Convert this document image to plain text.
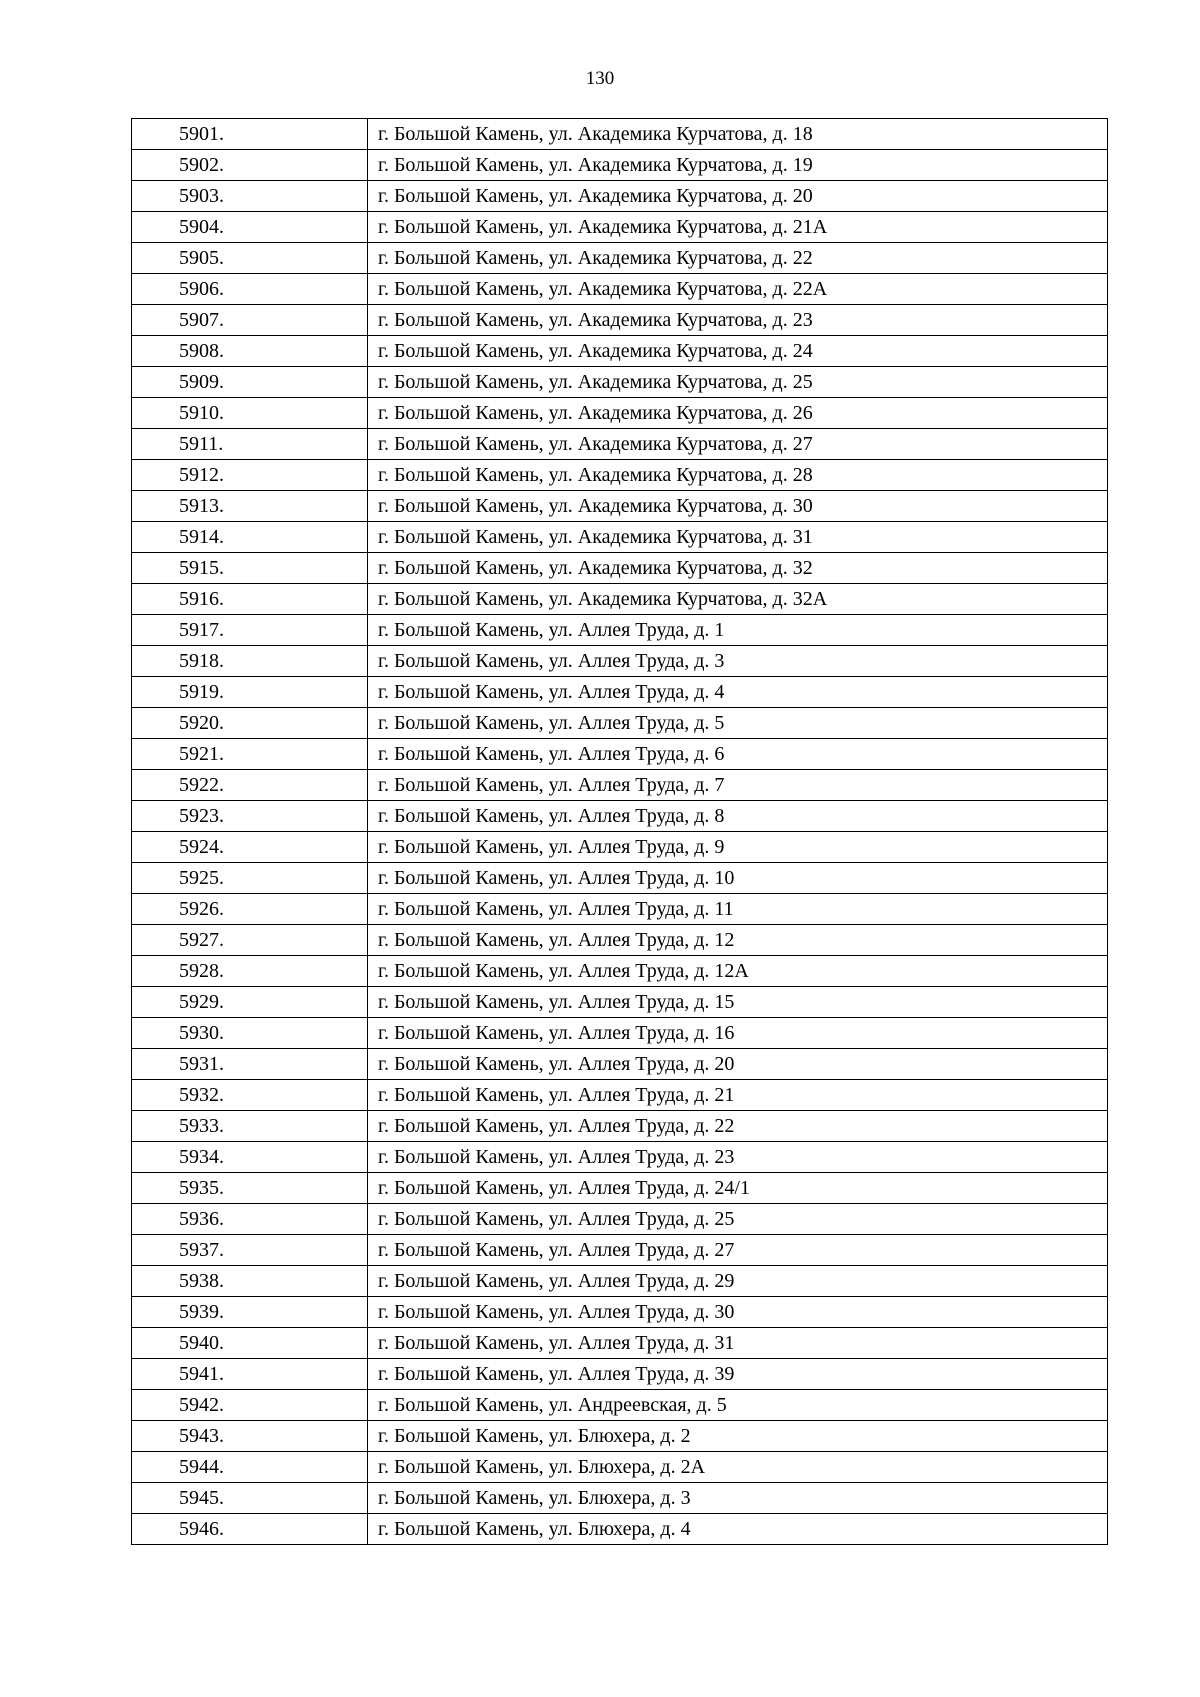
130
5901.	г. Большой Камень, ул. Академика Курчатова, д. 18
5902.	г. Большой Камень, ул. Академика Курчатова, д. 19
5903.	г. Большой Камень, ул. Академика Курчатова, д. 20
5904.	г. Большой Камень, ул. Академика Курчатова, д. 21А
5905.	г. Большой Камень, ул. Академика Курчатова, д. 22
5906.	г. Большой Камень, ул. Академика Курчатова, д. 22А
5907.	г. Большой Камень, ул. Академика Курчатова, д. 23
5908.	г. Большой Камень, ул. Академика Курчатова, д. 24
5909.	г. Большой Камень, ул. Академика Курчатова, д. 25
5910.	г. Большой Камень, ул. Академика Курчатова, д. 26
5911.	г. Большой Камень, ул. Академика Курчатова, д. 27
5912.	г. Большой Камень, ул. Академика Курчатова, д. 28
5913.	г. Большой Камень, ул. Академика Курчатова, д. 30
5914.	г. Большой Камень, ул. Академика Курчатова, д. 31
5915.	г. Большой Камень, ул. Академика Курчатова, д. 32
5916.	г. Большой Камень, ул. Академика Курчатова, д. 32А
5917.	г. Большой Камень, ул. Аллея Труда, д. 1
5918.	г. Большой Камень, ул. Аллея Труда, д. 3
5919.	г. Большой Камень, ул. Аллея Труда, д. 4
5920.	г. Большой Камень, ул. Аллея Труда, д. 5
5921.	г. Большой Камень, ул. Аллея Труда, д. 6
5922.	г. Большой Камень, ул. Аллея Труда, д. 7
5923.	г. Большой Камень, ул. Аллея Труда, д. 8
5924.	г. Большой Камень, ул. Аллея Труда, д. 9
5925.	г. Большой Камень, ул. Аллея Труда, д. 10
5926.	г. Большой Камень, ул. Аллея Труда, д. 11
5927.	г. Большой Камень, ул. Аллея Труда, д. 12
5928.	г. Большой Камень, ул. Аллея Труда, д. 12А
5929.	г. Большой Камень, ул. Аллея Труда, д. 15
5930.	г. Большой Камень, ул. Аллея Труда, д. 16
5931.	г. Большой Камень, ул. Аллея Труда, д. 20
5932.	г. Большой Камень, ул. Аллея Труда, д. 21
5933.	г. Большой Камень, ул. Аллея Труда, д. 22
5934.	г. Большой Камень, ул. Аллея Труда, д. 23
5935.	г. Большой Камень, ул. Аллея Труда, д. 24/1
5936.	г. Большой Камень, ул. Аллея Труда, д. 25
5937.	г. Большой Камень, ул. Аллея Труда, д. 27
5938.	г. Большой Камень, ул. Аллея Труда, д. 29
5939.	г. Большой Камень, ул. Аллея Труда, д. 30
5940.	г. Большой Камень, ул. Аллея Труда, д. 31
5941.	г. Большой Камень, ул. Аллея Труда, д. 39
5942.	г. Большой Камень, ул. Андреевская, д. 5
5943.	г. Большой Камень, ул. Блюхера, д. 2
5944.	г. Большой Камень, ул. Блюхера, д. 2А
5945.	г. Большой Камень, ул. Блюхера, д. 3
5946.	г. Большой Камень, ул. Блюхера, д. 4
